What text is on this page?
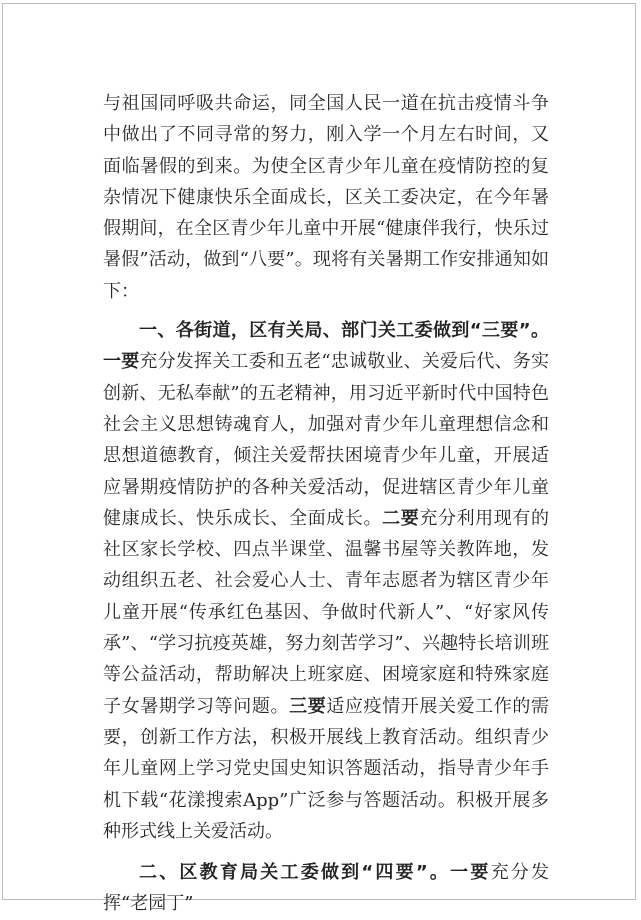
与祖国同呼吸共命运，同全国人民一道在抗击疫情斗争中做出了不同寻常的努力，刚入学一个月左右时间，又面临暑假的到来。为使全区青少年儿童在疫情防控的复杂情况下健康快乐全面成长，区关工委决定，在今年暑假期间，在全区青少年儿童中开展“健康伴我行，快乐过暑假”活动，做到“八要”。现将有关暑期工作安排通知如下：

一、各街道，区有关局、部门关工委做到“三要”。一要充分发挥关工委和五老“忠诚敬业、关爱后代、务实创新、无私奉献”的五老精神，用习近平新时代中国特色社会主义思想铸魂育人，加强对青少年儿童理想信念和思想道德教育，倾注关爱帮扶困境青少年儿童，开展适应暑期疫情防护的各种关爱活动，促进辖区青少年儿童健康成长、快乐成长、全面成长。二要充分利用现有的社区家长学校、四点半课堂、温馨书屋等关教阵地，发动组织五老、社会爱心人士、青年志愿者为辖区青少年儿童开展“传承红色基因、争做时代新人”、“好家风传承”、“学习抗疫英雄，努力刻苦学习”、兴趣特长培训班等公益活动，帮助解决上班家庭、困境家庭和特殊家庭子女暑期学习等问题。三要适应疫情开展关爱工作的需要，创新工作方法，积极开展线上教育活动。组织青少年儿童网上学习党史国史知识答题活动，指导青少年手机下载“花漾搜索App”广泛参与答题活动。积极开展多种形式线上关爱活动。

二、区教育局关工委做到“四要”。一要充分发挥“老园丁”
